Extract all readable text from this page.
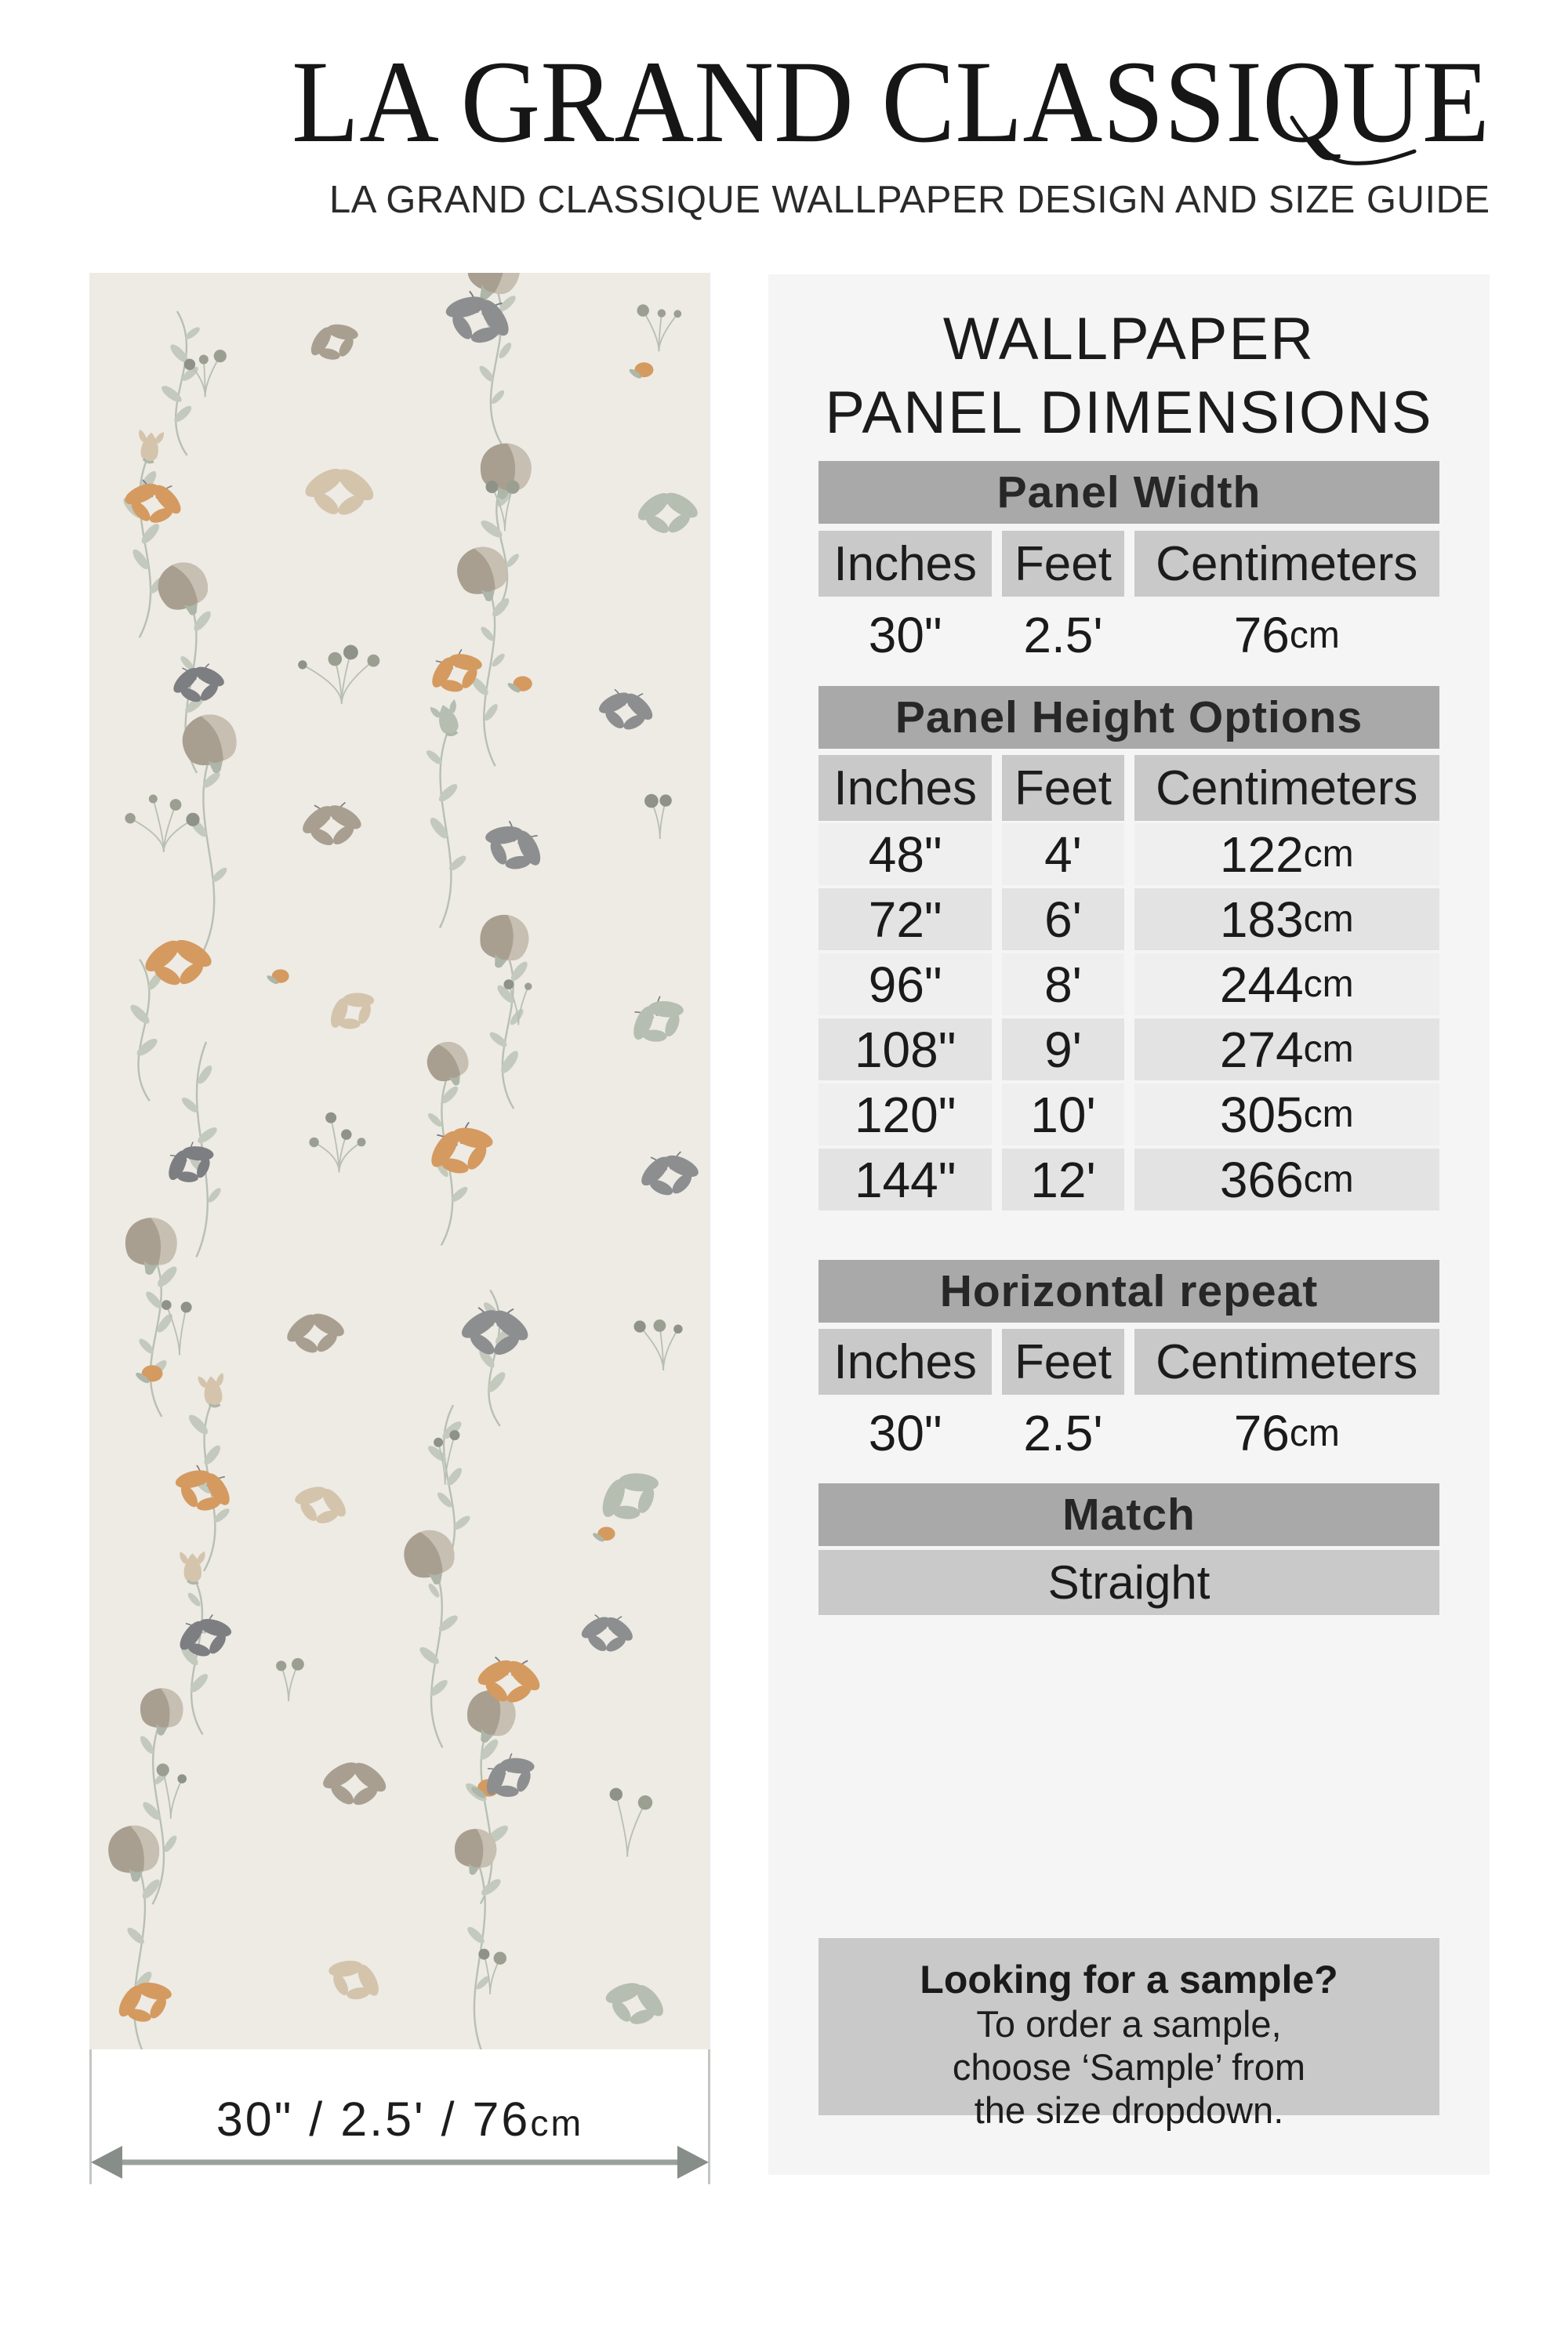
LA GRAND CLASSIQUE
LA GRAND CLASSIQUE WALLPAPER DESIGN AND SIZE GUIDE
30" / 2.5' / 76cm
WALLPAPER
PANEL DIMENSIONS
Panel Width
Inches Feet Centimeters
30"	2.5'	76 cm
Panel Height Options
Inches Feet Centimeters
48"	4'	122 cm
72"	6'	183 cm
96"	8'	244 cm
108"	9'	274 cm
120"	10'	305 cm
144"	12'	366 cm
Horizontal repeat
Inches Feet Centimeters
30"	2.5'	76 cm
Match
Straight
Looking for a sample?
To order a sample,
choose ‘Sample’ from
the size dropdown.
